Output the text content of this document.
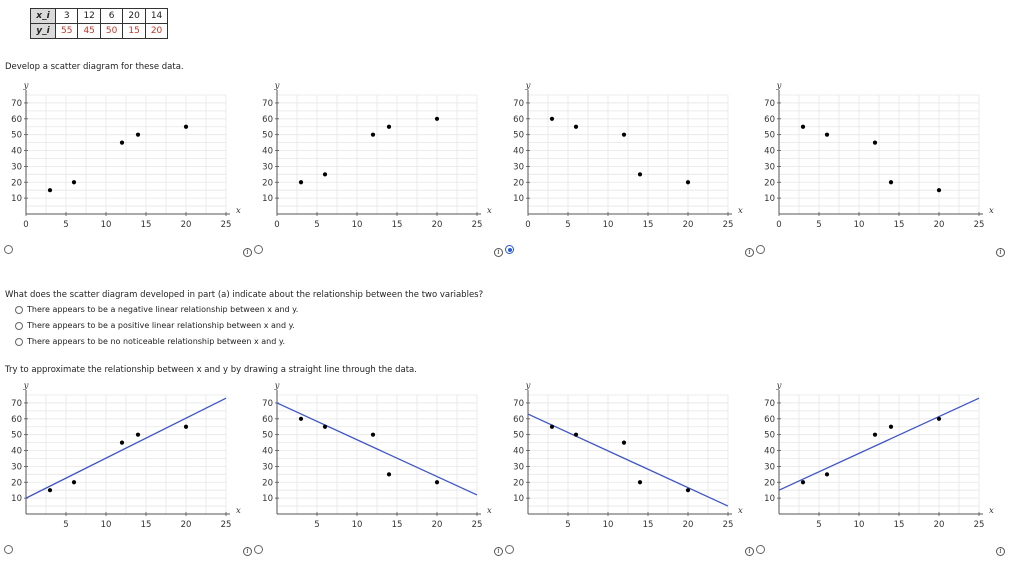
x_i	3	12	6	20	14
y_i	55	45	50	15	20
Develop a scatter diagram for these data.
0	5	10	15	20	25
10
20
30
40
50
60
70
x
y
0	5	10	15	20	25
10
20
30
40
50
60
70
x
y
0	5	10	15	20	25
10
20
30
40
50
60
70
x
y
0	5	10	15	20	25
10
20
30
40
50
60
70
x
y
i	i	i	i
What does the scatter diagram developed in part (a) indicate about the relationship between the two variables?
There appears to be a negative linear relationship between x and y.
There appears to be a positive linear relationship between x and y.
There appears to be no noticeable relationship between x and y.
Try to approximate the relationship between x and y by drawing a straight line through the data.
5	10	15	20	25
10
20
30
40
50
60
70
x
y
5	10	15	20	25
10
20
30
40
50
60
70
x
y
5	10	15	20	25
10
20
30
40
50
60
70
x
y
5	10	15	20	25
10
20
30
40
50
60
70
x
y
i	i	i	i
